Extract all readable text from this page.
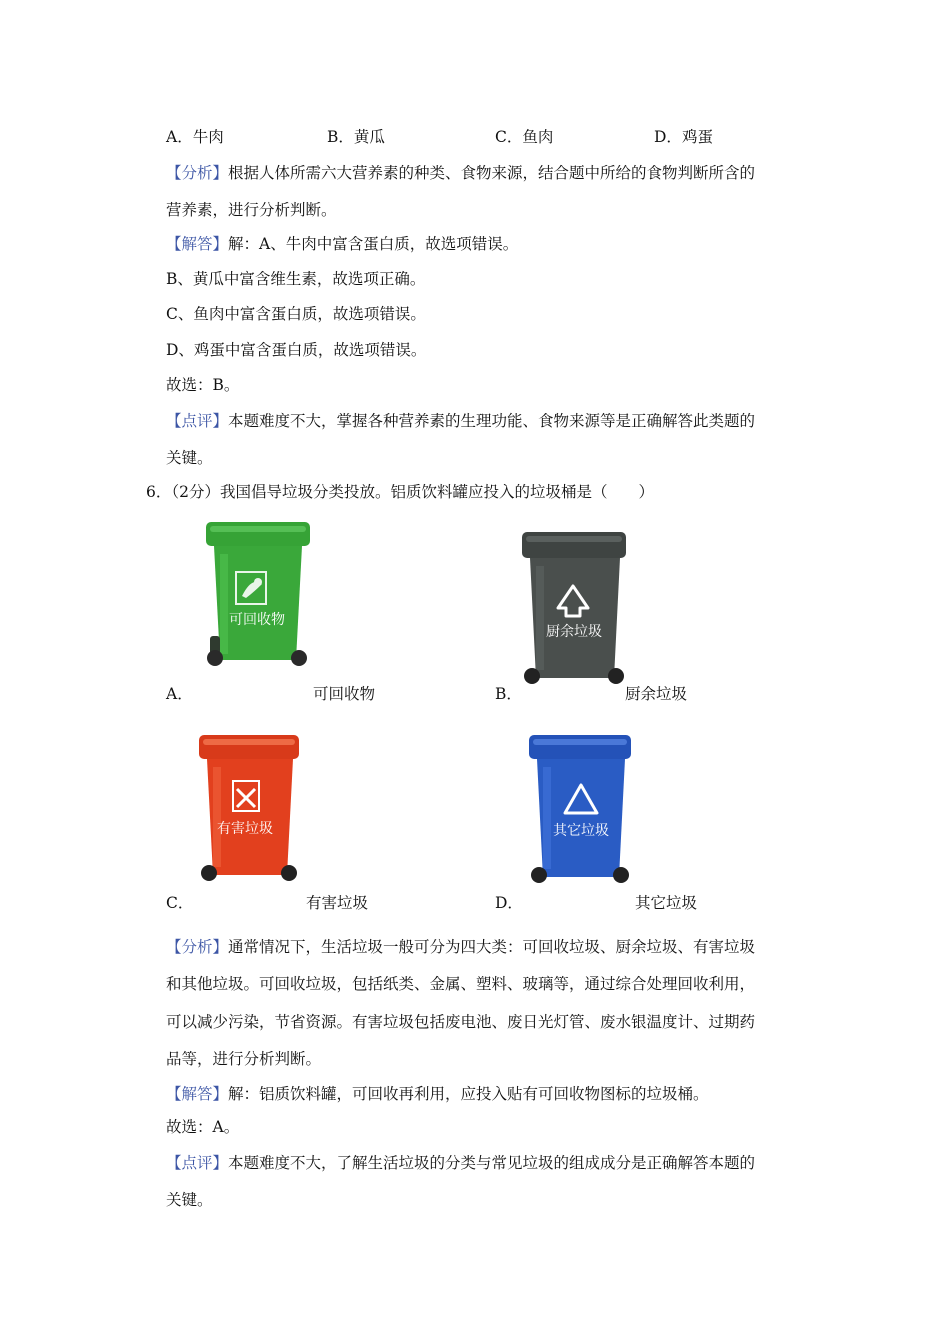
A．牛肉	B．黄瓜	C．鱼肉	D．鸡蛋
【分析】根据人体所需六大营养素的种类、食物来源，结合题中所给的食物判断所含的
营养素，进行分析判断。
【解答】解：A、牛肉中富含蛋白质，故选项错误。
B、黄瓜中富含维生素，故选项正确。
C、鱼肉中富含蛋白质，故选项错误。
D、鸡蛋中富含蛋白质，故选项错误。
故选：B。
【点评】本题难度不大，掌握各种营养素的生理功能、食物来源等是正确解答此类题的
关键。
6．（2分）我国倡导垃圾分类投放。铝质饮料罐应投入的垃圾桶是（　　）
可回收物
厨余垃圾
A．	可回收物	B．	厨余垃圾
有害垃圾	其它垃圾
C．	有害垃圾	D．	其它垃圾
【分析】通常情况下，生活垃圾一般可分为四大类：可回收垃圾、厨余垃圾、有害垃圾
和其他垃圾。可回收垃圾，包括纸类、金属、塑料、玻璃等，通过综合处理回收利用，
可以减少污染，节省资源。有害垃圾包括废电池、废日光灯管、废水银温度计、过期药
品等，进行分析判断。
【解答】解：铝质饮料罐，可回收再利用，应投入贴有可回收物图标的垃圾桶。
故选：A。
【点评】本题难度不大，了解生活垃圾的分类与常见垃圾的组成成分是正确解答本题的
关键。
